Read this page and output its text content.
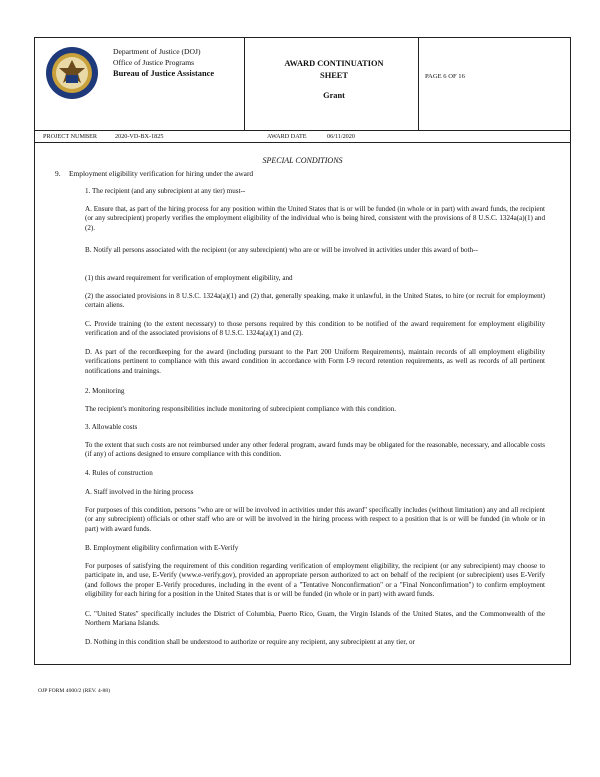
Department of Justice (DOJ)
Office of Justice Programs
Bureau of Justice Assistance
AWARD CONTINUATION
SHEET
Grant
PAGE 6 OF 16
PROJECT NUMBER	2020-VD-BX-1825	AWARD DATE	06/11/2020
SPECIAL CONDITIONS
9. Employment eligibility verification for hiring under the award

1. The recipient (and any subrecipient at any tier) must--

A. Ensure that, as part of the hiring process for any position within the United States that is or will be funded (in whole or in part) with award funds, the recipient (or any subrecipient) properly verifies the employment eligibility of the individual who is being hired, consistent with the provisions of 8 U.S.C. 1324a(a)(1) and (2).

B. Notify all persons associated with the recipient (or any subrecipient) who are or will be involved in activities under this award of both--

(1) this award requirement for verification of employment eligibility, and

(2) the associated provisions in 8 U.S.C. 1324a(a)(1) and (2) that, generally speaking, make it unlawful, in the United States, to hire (or recruit for employment) certain aliens.

C. Provide training (to the extent necessary) to those persons required by this condition to be notified of the award requirement for employment eligibility verification and of the associated provisions of 8 U.S.C. 1324a(a)(1) and (2).

D. As part of the recordkeeping for the award (including pursuant to the Part 200 Uniform Requirements), maintain records of all employment eligibility verifications pertinent to compliance with this award condition in accordance with Form I-9 record retention requirements, as well as records of all pertinent notifications and trainings.

2. Monitoring

The recipient's monitoring responsibilities include monitoring of subrecipient compliance with this condition.

3. Allowable costs

To the extent that such costs are not reimbursed under any other federal program, award funds may be obligated for the reasonable, necessary, and allocable costs (if any) of actions designed to ensure compliance with this condition.

4. Rules of construction

A. Staff involved in the hiring process

For purposes of this condition, persons "who are or will be involved in activities under this award" specifically includes (without limitation) any and all recipient (or any subrecipient) officials or other staff who are or will be involved in the hiring process with respect to a position that is or will be funded (in whole or in part) with award funds.

B. Employment eligibility confirmation with E-Verify

For purposes of satisfying the requirement of this condition regarding verification of employment eligibility, the recipient (or any subrecipient) may choose to participate in, and use, E-Verify (www.e-verify.gov), provided an appropriate person authorized to act on behalf of the recipient (or subrecipient) uses E-Verify (and follows the proper E-Verify procedures, including in the event of a "Tentative Nonconfirmation" or a "Final Nonconfirmation") to confirm employment eligibility for each hiring for a position in the United States that is or will be funded (in whole or in part) with award funds.

C. "United States" specifically includes the District of Columbia, Puerto Rico, Guam, the Virgin Islands of the United States, and the Commonwealth of the Northern Mariana Islands.

D. Nothing in this condition shall be understood to authorize or require any recipient, any subrecipient at any tier, or

OJP FORM 4000/2 (REV. 4-88)
